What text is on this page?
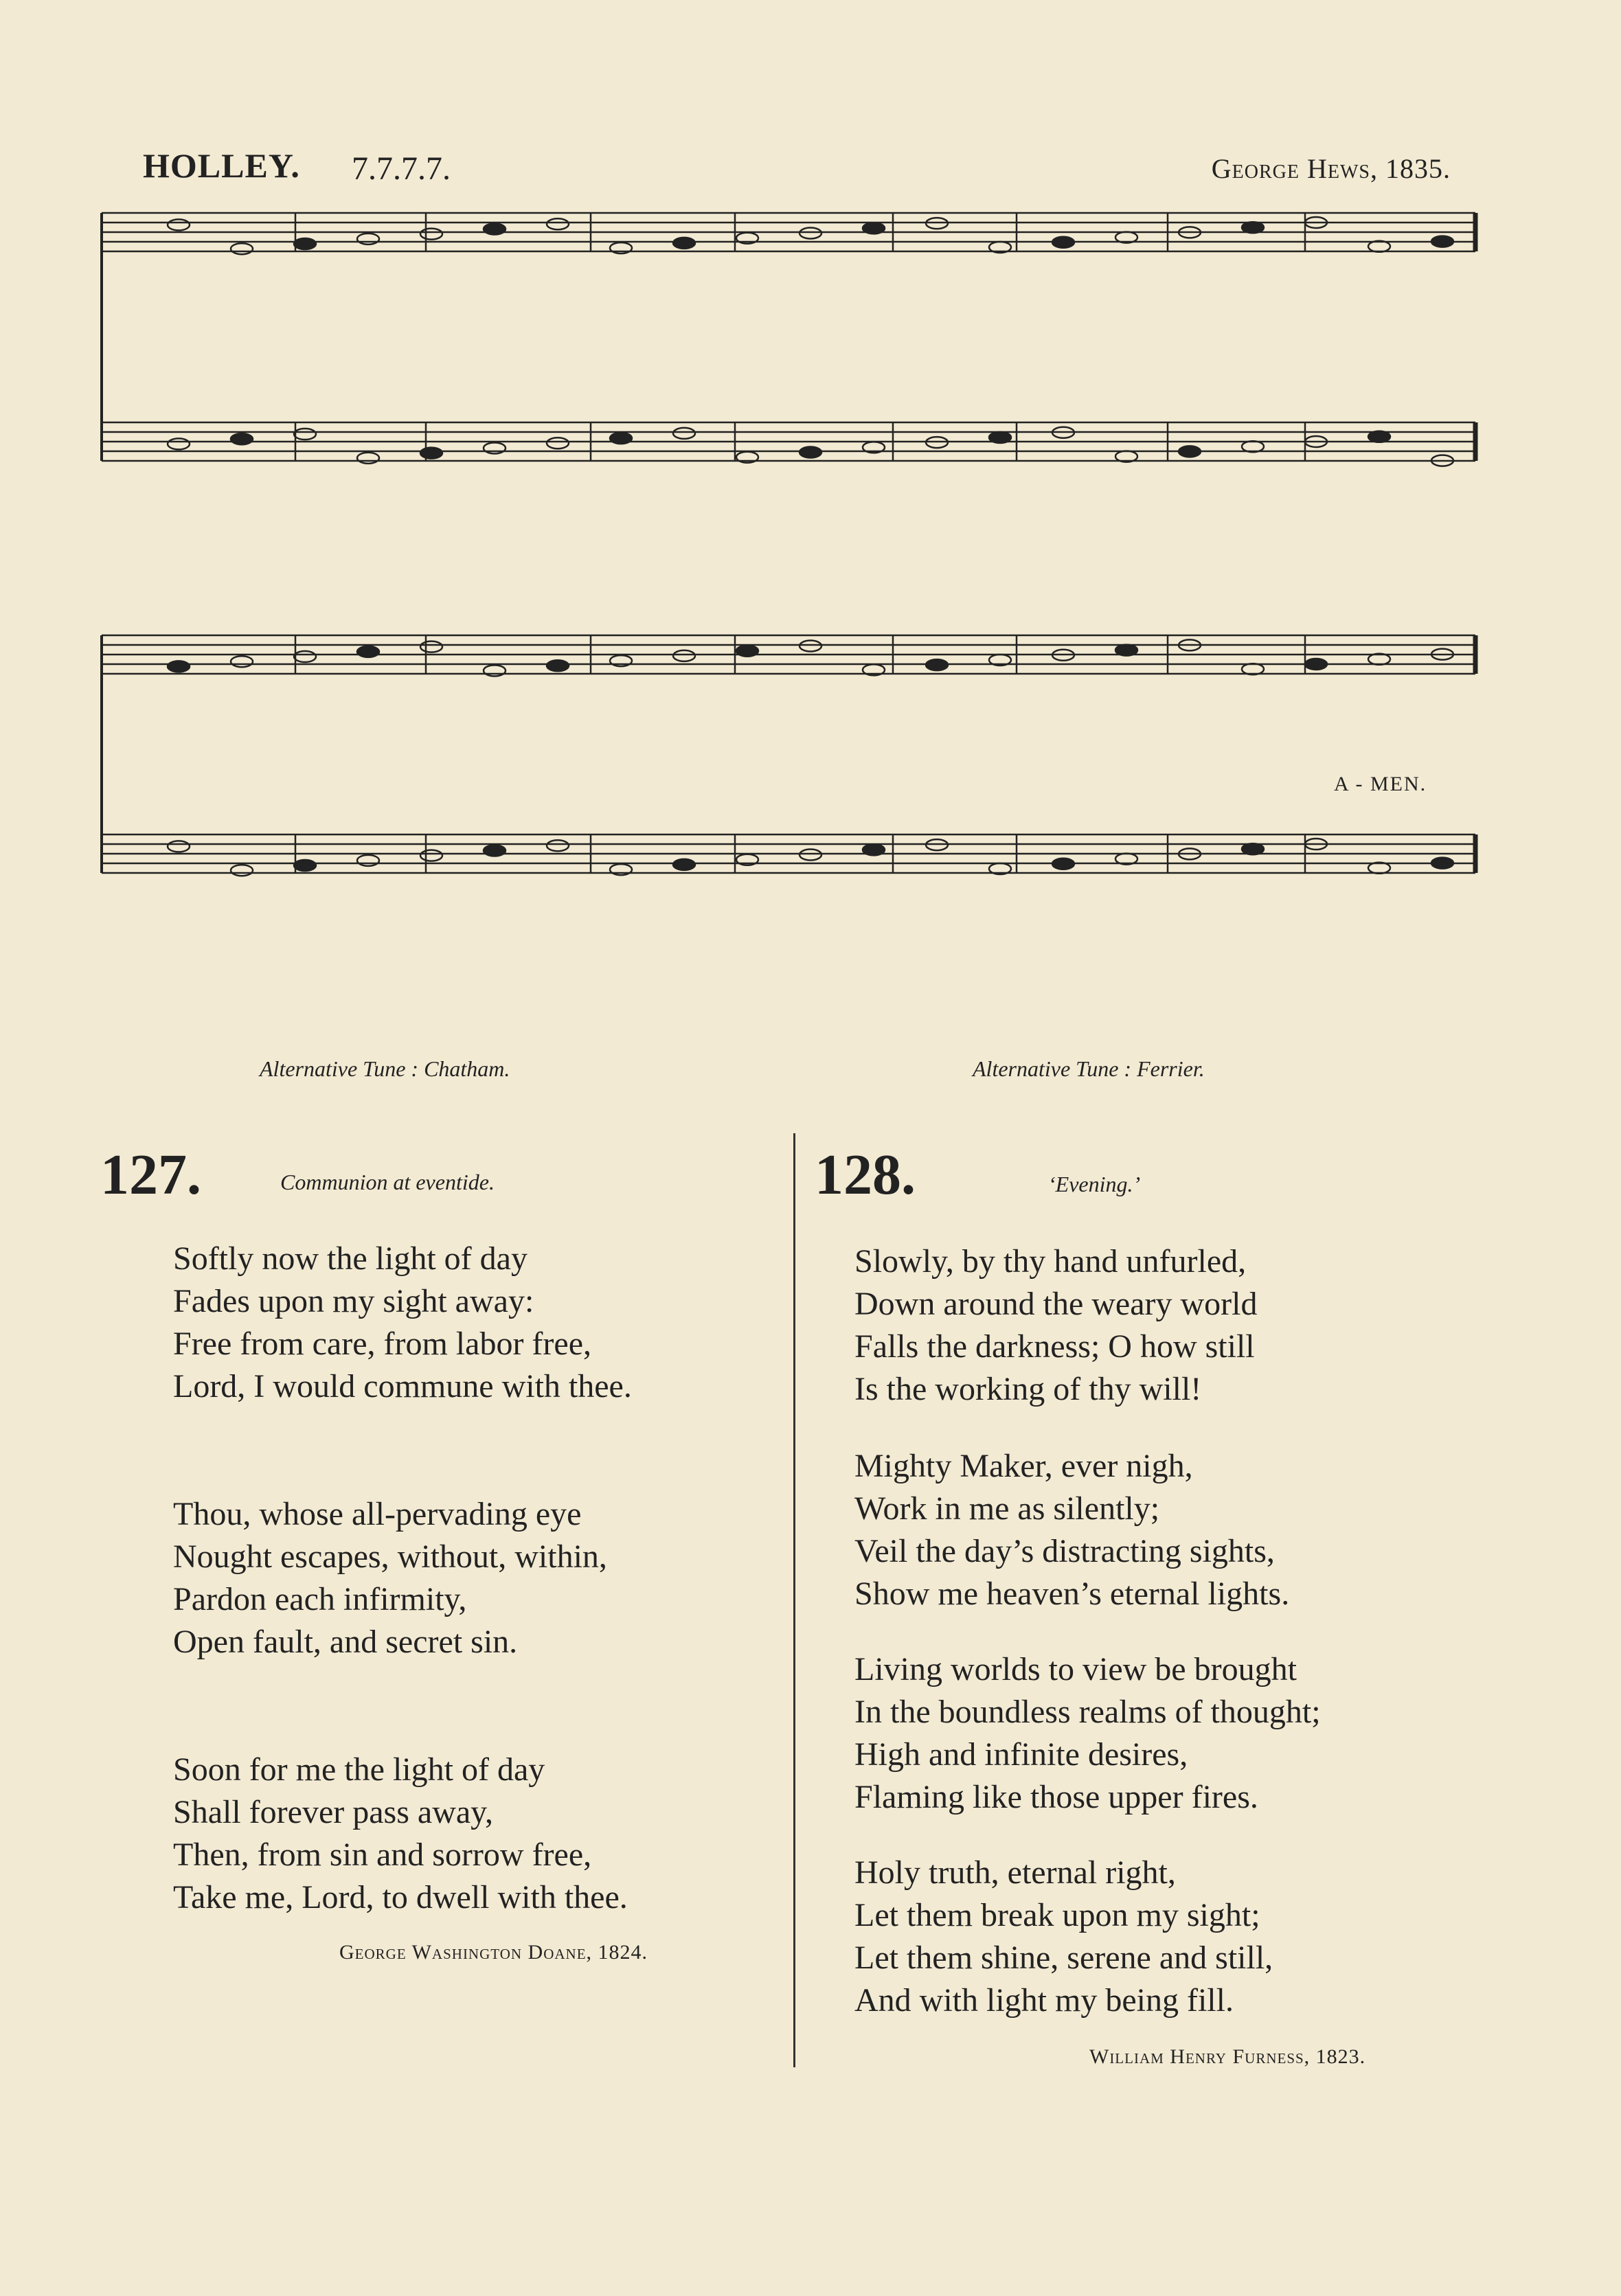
HOLLEY. 7.7.7.7.	George Hews, 1835.
A - MEN.
Alternative Tune : Chatham.	Alternative Tune : Ferrier.
127.	Communion at eventide.
Softly now the light of day
Fades upon my sight away:
Free from care, from labor free,
Lord, I would commune with thee.
Thou, whose all-pervading eye
Nought escapes, without, within,
Pardon each infirmity,
Open fault, and secret sin.
Soon for me the light of day
Shall forever pass away,
Then, from sin and sorrow free,
Take me, Lord, to dwell with thee.
George Washington Doane, 1824.
128.	‘Evening.’
Slowly, by thy hand unfurled,
Down around the weary world
Falls the darkness; O how still
Is the working of thy will!
Mighty Maker, ever nigh,
Work in me as silently;
Veil the day’s distracting sights,
Show me heaven’s eternal lights.
Living worlds to view be brought
In the boundless realms of thought;
High and infinite desires,
Flaming like those upper fires.
Holy truth, eternal right,
Let them break upon my sight;
Let them shine, serene and still,
And with light my being fill.
William Henry Furness, 1823.
